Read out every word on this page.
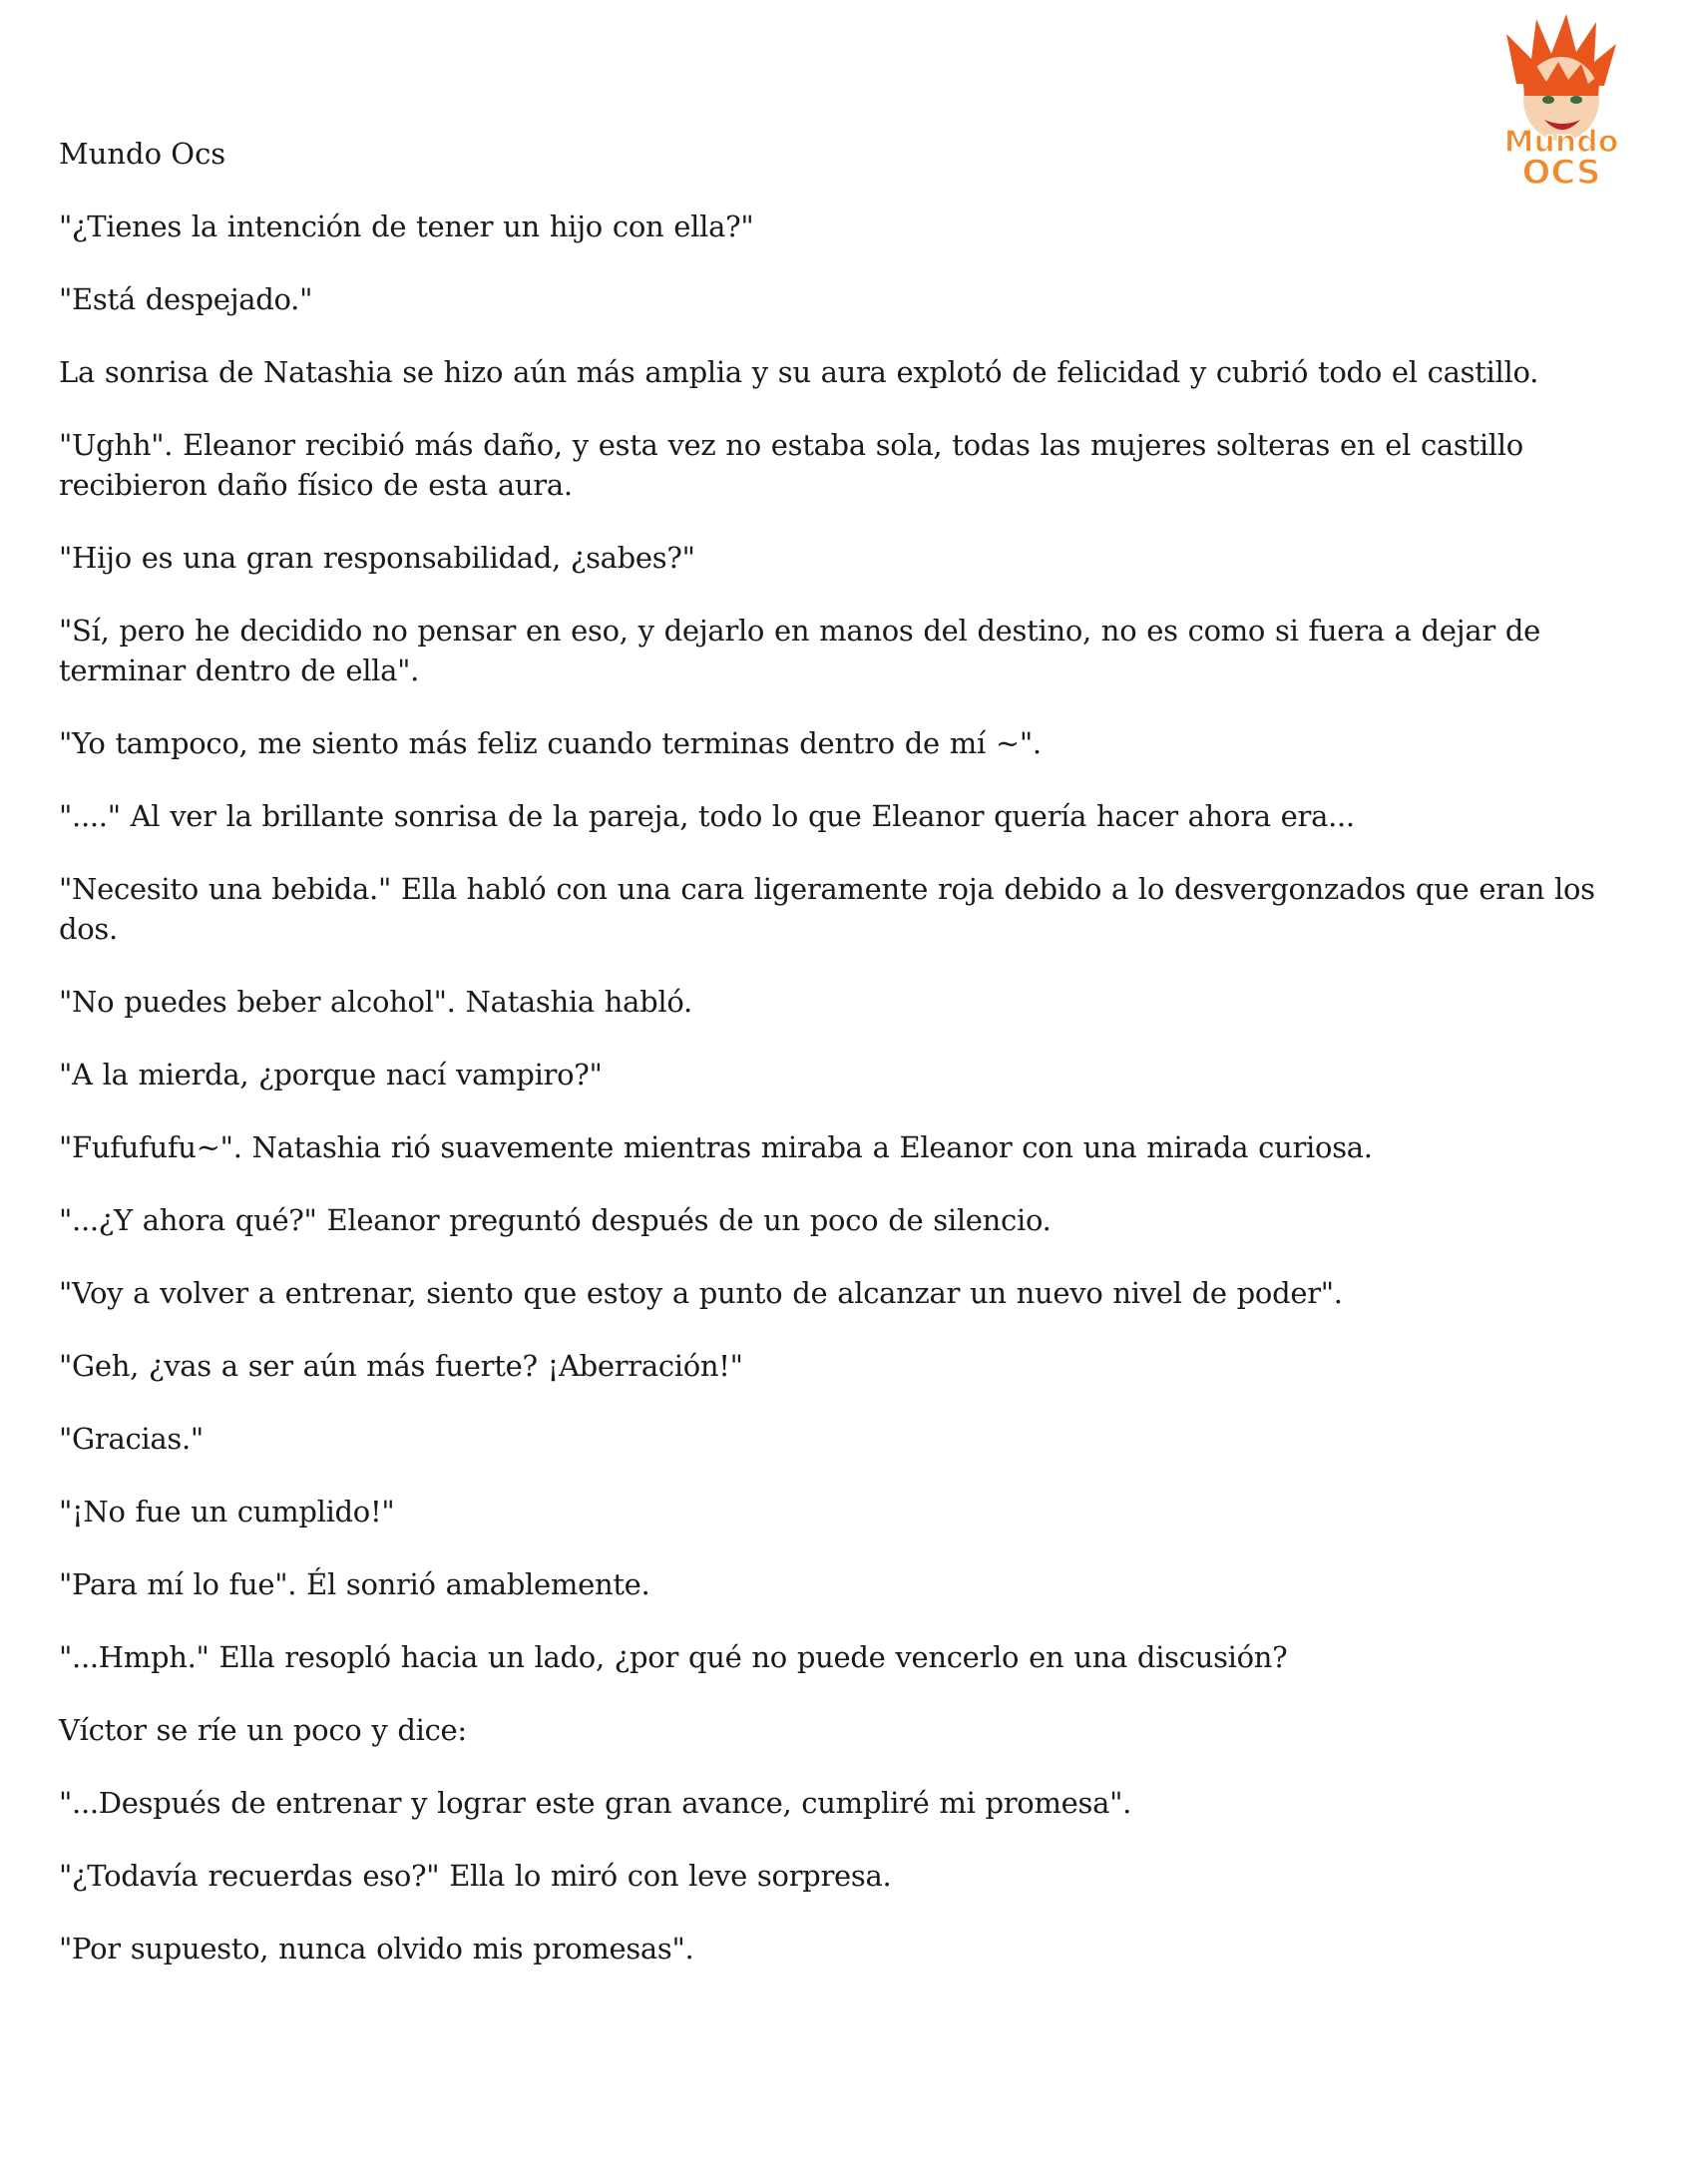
Mundo Ocs	Mundo
OCS

"¿Tienes la intención de tener un hijo con ella?"

"Está despejado."

La sonrisa de Natashia se hizo aún más amplia y su aura explotó de felicidad y cubrió todo el castillo.

"Ughh". Eleanor recibió más daño, y esta vez no estaba sola, todas las mujeres solteras en el castillo recibieron daño físico de esta aura.

"Hijo es una gran responsabilidad, ¿sabes?"

"Sí, pero he decidido no pensar en eso, y dejarlo en manos del destino, no es como si fuera a dejar de terminar dentro de ella".

"Yo tampoco, me siento más feliz cuando terminas dentro de mí ~".

"...." Al ver la brillante sonrisa de la pareja, todo lo que Eleanor quería hacer ahora era...

"Necesito una bebida." Ella habló con una cara ligeramente roja debido a lo desvergonzados que eran los dos.

"No puedes beber alcohol". Natashia habló.

"A la mierda, ¿porque nací vampiro?"

"Fufufufu~". Natashia rió suavemente mientras miraba a Eleanor con una mirada curiosa.

"...¿Y ahora qué?" Eleanor preguntó después de un poco de silencio.

"Voy a volver a entrenar, siento que estoy a punto de alcanzar un nuevo nivel de poder".

"Geh, ¿vas a ser aún más fuerte? ¡Aberración!"

"Gracias."

"¡No fue un cumplido!"

"Para mí lo fue". Él sonrió amablemente.

"...Hmph." Ella resopló hacia un lado, ¿por qué no puede vencerlo en una discusión?

Víctor se ríe un poco y dice:

"...Después de entrenar y lograr este gran avance, cumpliré mi promesa".

"¿Todavía recuerdas eso?" Ella lo miró con leve sorpresa.

"Por supuesto, nunca olvido mis promesas".
